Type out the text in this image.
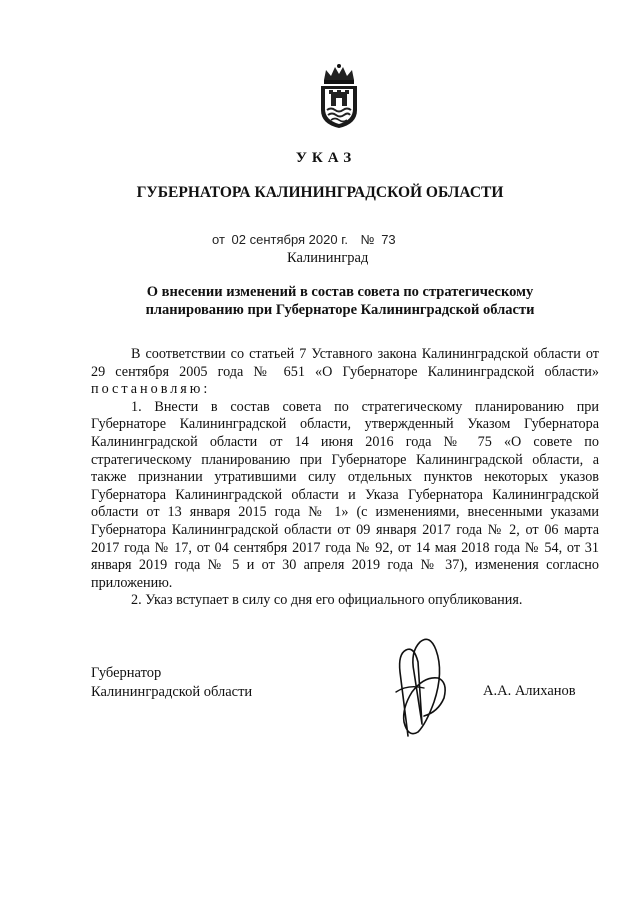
УКАЗ
ГУБЕРНАТОРА КАЛИНИНГРАДСКОЙ ОБЛАСТИ
от 02 сентября 2020 г. № 73
Калининград
О внесении изменений в состав совета по стратегическому планированию при Губернаторе Калининградской области

В соответствии со статьей 7 Уставного закона Калининградской области от 29 сентября 2005 года № 651 «О Губернаторе Калининградской области» постановляю:

1. Внести в состав совета по стратегическому планированию при Губернаторе Калининградской области, утвержденный Указом Губернатора Калининградской области от 14 июня 2016 года № 75 «О совете по стратегическому планированию при Губернаторе Калининградской области, а также признании утратившими силу отдельных пунктов некоторых указов Губернатора Калининградской области и Указа Губернатора Калининградской области от 13 января 2015 года № 1» (с изменениями, внесенными указами Губернатора Калининградской области от 09 января 2017 года № 2, от 06 марта 2017 года № 17, от 04 сентября 2017 года № 92, от 14 мая 2018 года № 54, от 31 января 2019 года № 5 и от 30 апреля 2019 года № 37), изменения согласно приложению.

2. Указ вступает в силу со дня его официального опубликования.

Губернатор
Калининградской области	А.А. Алиханов
